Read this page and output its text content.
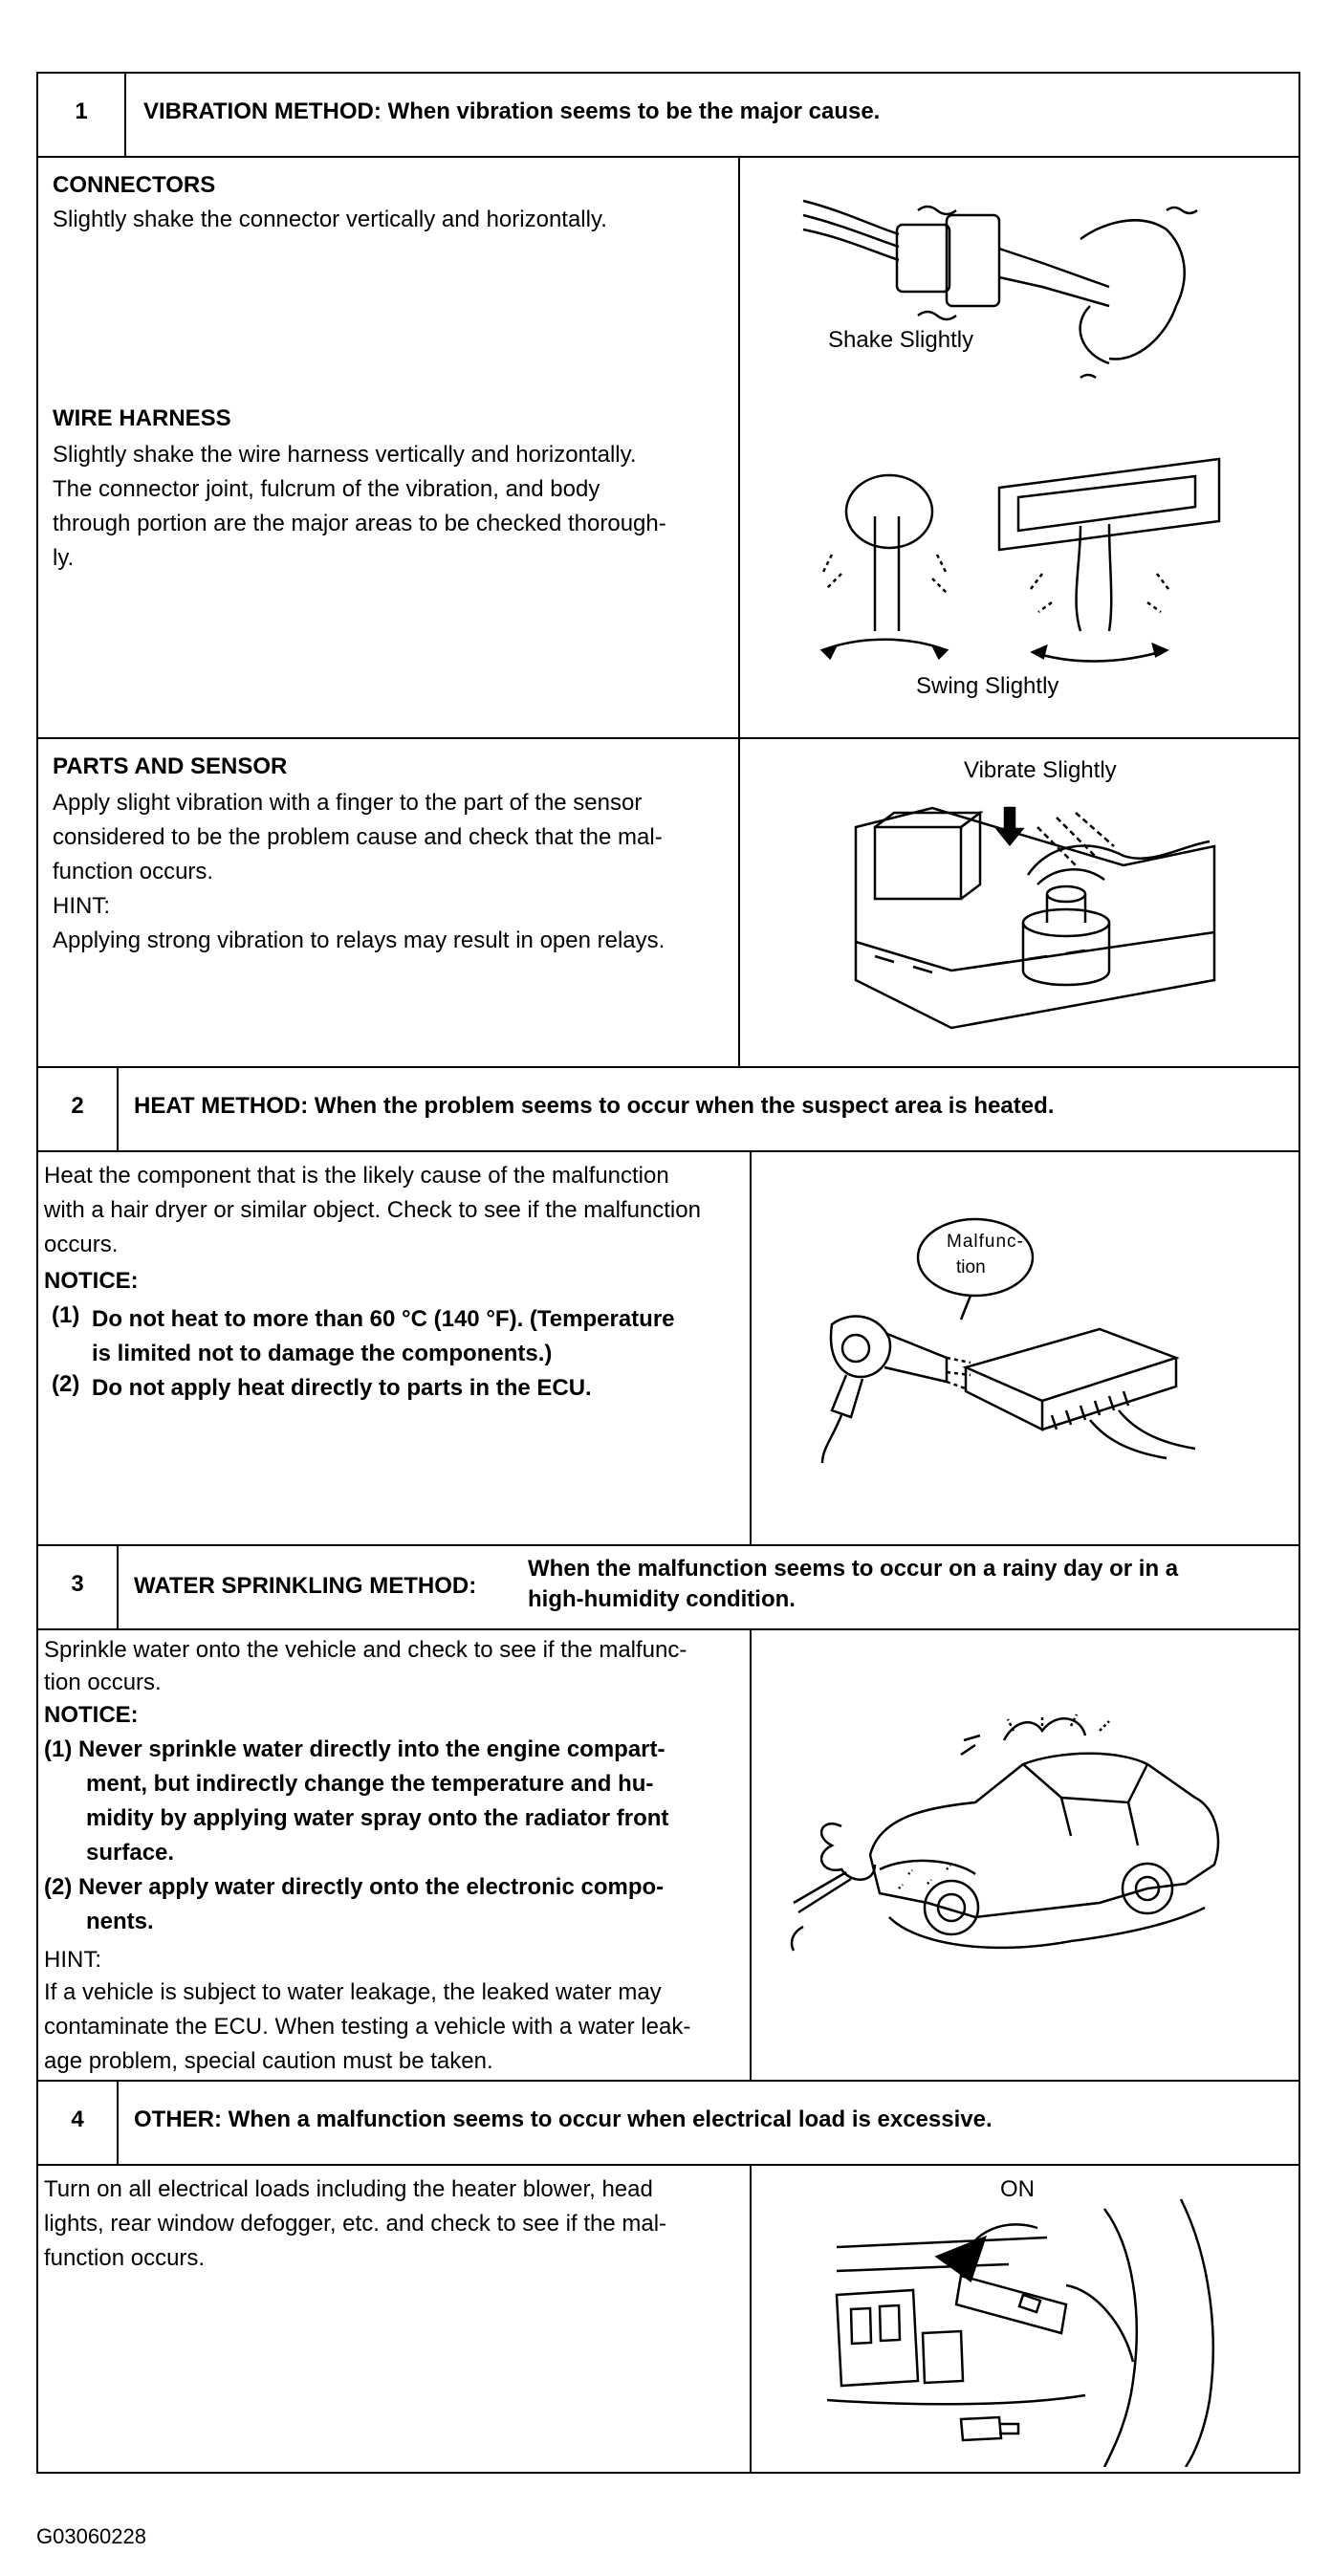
1	VIBRATION METHOD: When vibration seems to be the major cause.
CONNECTORS
Slightly shake the connector vertically and horizontally.
WIRE HARNESS
Slightly shake the wire harness vertically and horizontally.
The connector joint, fulcrum of the vibration, and body
through portion are the major areas to be checked thorough-
ly.
Shake Slightly
Swing Slightly
PARTS AND SENSOR
Apply slight vibration with a finger to the part of the sensor
considered to be the problem cause and check that the mal-
function occurs.
HINT:
Applying strong vibration to relays may result in open relays.
Vibrate Slightly
2	HEAT METHOD: When the problem seems to occur when the suspect area is heated.
Heat the component that is the likely cause of the malfunction
with a hair dryer or similar object. Check to see if the malfunction
occurs.
NOTICE:
(1) Do not heat to more than 60 °C (140 °F). (Temperature
is limited not to damage the components.)
(2) Do not apply heat directly to parts in the ECU.
Malfunc-
tion
3	WATER SPRINKLING METHOD:
When the malfunction seems to occur on a rainy day or in a
high-humidity condition.
Sprinkle water onto the vehicle and check to see if the malfunc-
tion occurs.
NOTICE:
(1) Never sprinkle water directly into the engine compart-
ment, but indirectly change the temperature and hu-
midity by applying water spray onto the radiator front
surface.
(2) Never apply water directly onto the electronic compo-
nents.
HINT:
If a vehicle is subject to water leakage, the leaked water may
contaminate the ECU. When testing a vehicle with a water leak-
age problem, special caution must be taken.
4	OTHER: When a malfunction seems to occur when electrical load is excessive.
Turn on all electrical loads including the heater blower, head
lights, rear window defogger, etc. and check to see if the mal-
function occurs.
ON
G03060228
